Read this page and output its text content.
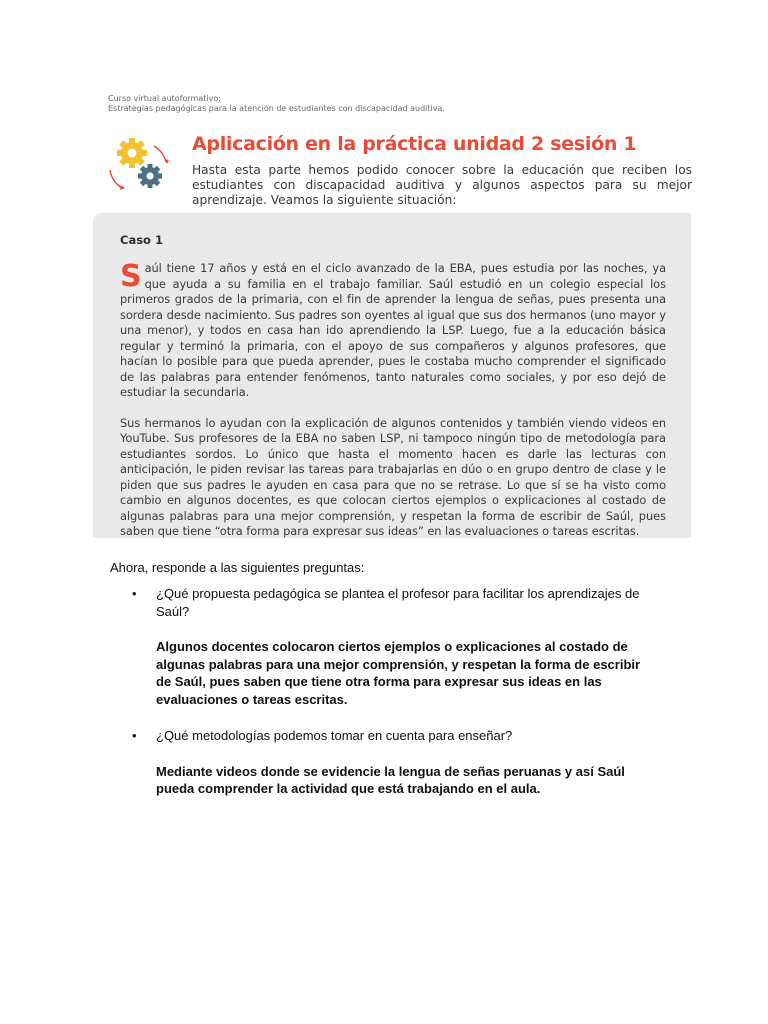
Curso virtual autoformativo:
Estrategias pedagógicas para la atención de estudiantes con discapacidad auditiva.
Aplicación en la práctica unidad 2 sesión 1

Hasta esta parte hemos podido conocer sobre la educación que reciben los estudiantes con discapacidad auditiva y algunos aspectos para su mejor aprendizaje. Veamos la siguiente situación:

Caso 1

Saúl tiene 17 años y está en el ciclo avanzado de la EBA, pues estudia por las noches, ya que ayuda a su familia en el trabajo familiar. Saúl estudió en un colegio especial los primeros grados de la primaria, con el fin de aprender la lengua de señas, pues presenta una sordera desde nacimiento. Sus padres son oyentes al igual que sus dos hermanos (uno mayor y una menor), y todos en casa han ido aprendiendo la LSP. Luego, fue a la educación básica regular y terminó la primaria, con el apoyo de sus compañeros y algunos profesores, que hacían lo posible para que pueda aprender, pues le costaba mucho comprender el significado de las palabras para entender fenómenos, tanto naturales como sociales, y por eso dejó de estudiar la secundaria.

Sus hermanos lo ayudan con la explicación de algunos contenidos y también viendo videos en YouTube. Sus profesores de la EBA no saben LSP, ni tampoco ningún tipo de metodología para estudiantes sordos. Lo único que hasta el momento hacen es darle las lecturas con anticipación, le piden revisar las tareas para trabajarlas en dúo o en grupo dentro de clase y le piden que sus padres le ayuden en casa para que no se retrase. Lo que sí se ha visto como cambio en algunos docentes, es que colocan ciertos ejemplos o explicaciones al costado de algunas palabras para una mejor comprensión, y respetan la forma de escribir de Saúl, pues saben que tiene “otra forma para expresar sus ideas” en las evaluaciones o tareas escritas.

Ahora, responde a las siguientes preguntas:

• ¿Qué propuesta pedagógica se plantea el profesor para facilitar los aprendizajes de Saúl?

Algunos docentes colocaron ciertos ejemplos o explicaciones al costado de algunas palabras para una mejor comprensión, y respetan la forma de escribir de Saúl, pues saben que tiene otra forma para expresar sus ideas en las evaluaciones o tareas escritas.

• ¿Qué metodologías podemos tomar en cuenta para enseñar?

Mediante videos donde se evidencie la lengua de señas peruanas y así Saúl pueda comprender la actividad que está trabajando en el aula.
